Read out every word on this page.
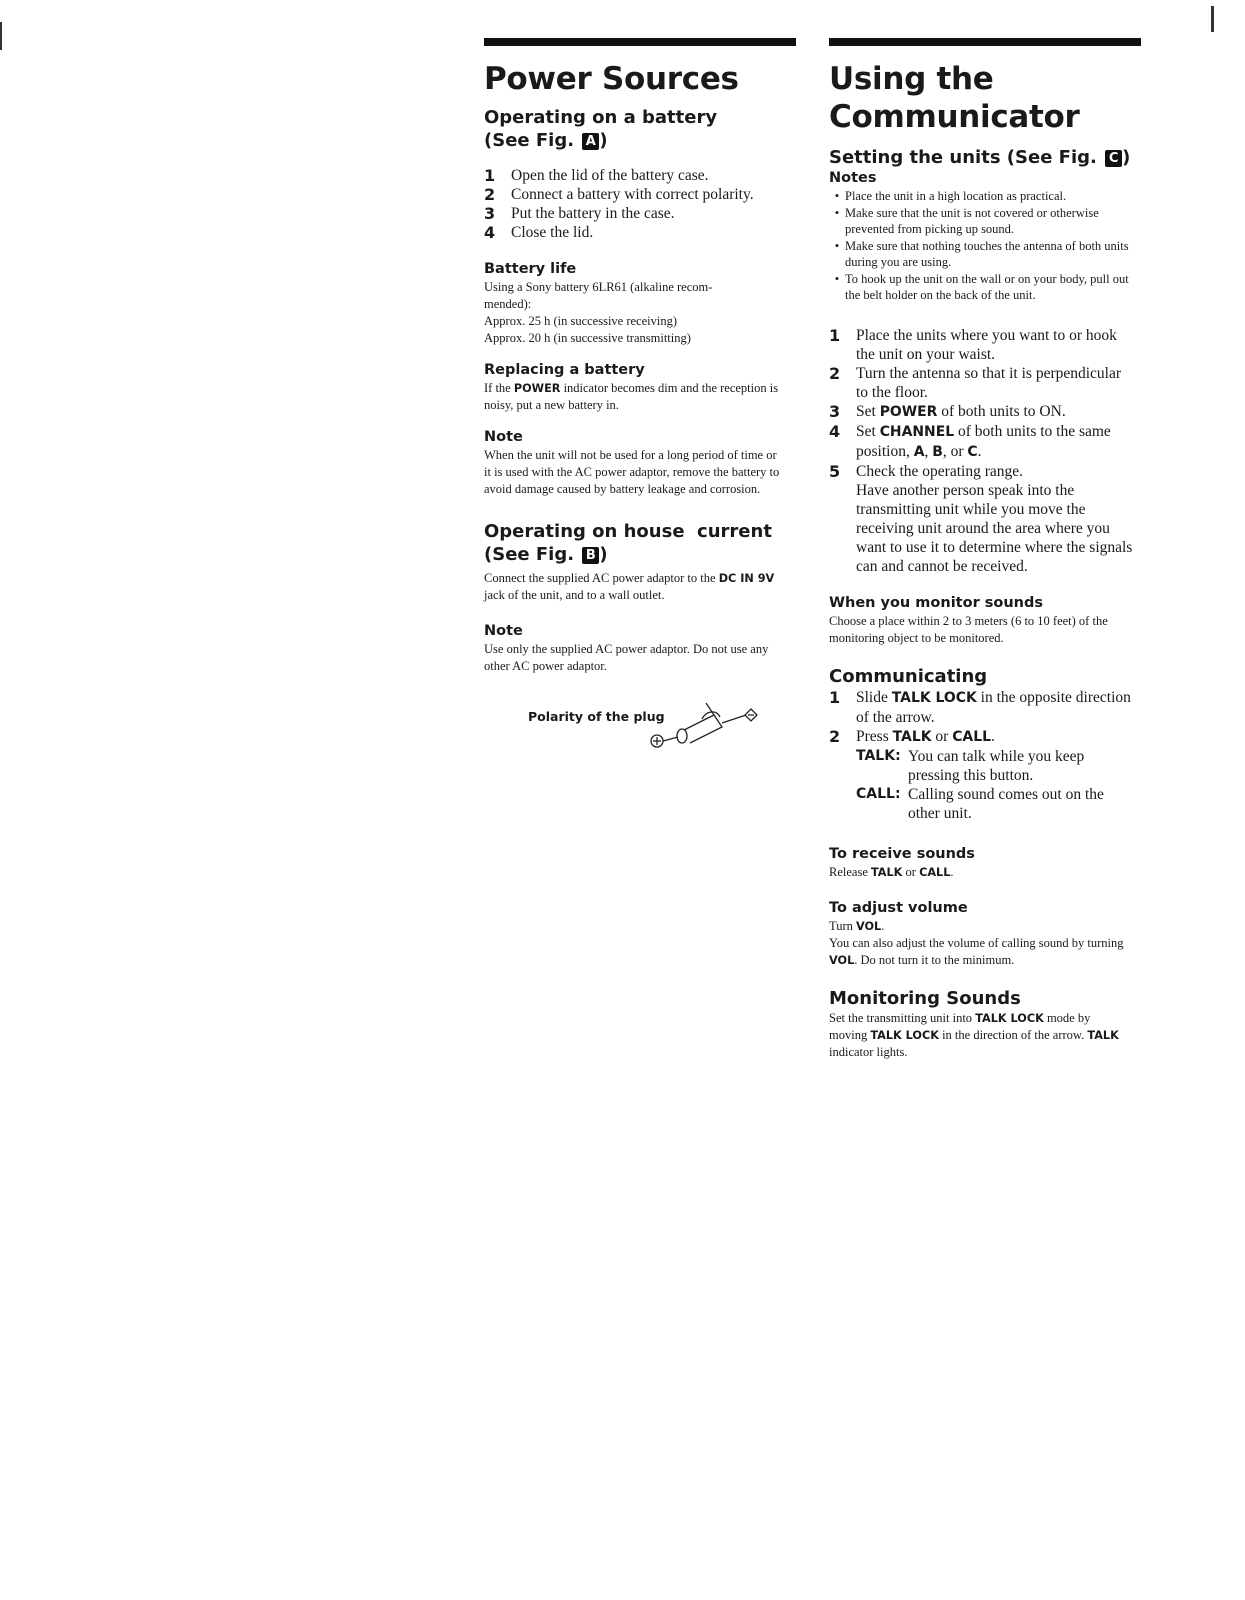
Power Sources
Operating on a battery
(See Fig. A )
1	Open the lid of the battery case.
2	Connect a battery with correct polarity.
3	Put the battery in the case.
4	Close the lid.
Battery life
Using a Sony battery 6LR61 (alkaline recom-
mended):
Approx. 25 h (in successive receiving)
Approx. 20 h (in successive transmitting)
Replacing a battery
If the POWER indicator becomes dim and the reception is noisy, put a new battery in.
Note
When the unit will not be used for a long period of time or it is used with the AC power adaptor, remove the battery to avoid damage caused by battery leakage and corrosion.
Operating on house  current
(See Fig. B )
Connect the supplied AC power adaptor to the DC IN 9V jack of the unit, and to a wall outlet.
Note
Use only the supplied AC power adaptor. Do not use any other AC power adaptor.
Polarity of the plug
Using the
Communicator
Setting the units (See Fig. C )
Notes
• Place the unit in a high location as practical.
• Make sure that the unit is not covered or otherwise prevented from picking up sound.
• Make sure that nothing touches the antenna of both units during you are using.
• To hook up the unit on the wall or on your body, pull out the belt holder on the back of the unit.
1	Place the units where you want to or hook the unit on your waist.
2	Turn the antenna so that it is perpendicular to the floor.
3	Set POWER of both units to ON.
4	Set CHANNEL of both units to the same position, A, B, or C.
5	Check the operating range.
Have another person speak into the transmitting unit while you move the receiving unit around the area where you want to use it to determine where the signals can and cannot be received.
When you monitor sounds
Choose a place within 2 to 3 meters (6 to 10 feet) of the monitoring object to be monitored.
Communicating
1	Slide TALK LOCK in the opposite direction of the arrow.
2	Press TALK or CALL.
TALK: You can talk while you keep pressing this button.
CALL: Calling sound comes out on the other unit.
To receive sounds
Release TALK or CALL.
To adjust volume
Turn VOL.
You can also adjust the volume of calling sound by turning VOL. Do not turn it to the minimum.
Monitoring Sounds
Set the transmitting unit into TALK LOCK mode by moving TALK LOCK in the direction of the arrow. TALK indicator lights.
